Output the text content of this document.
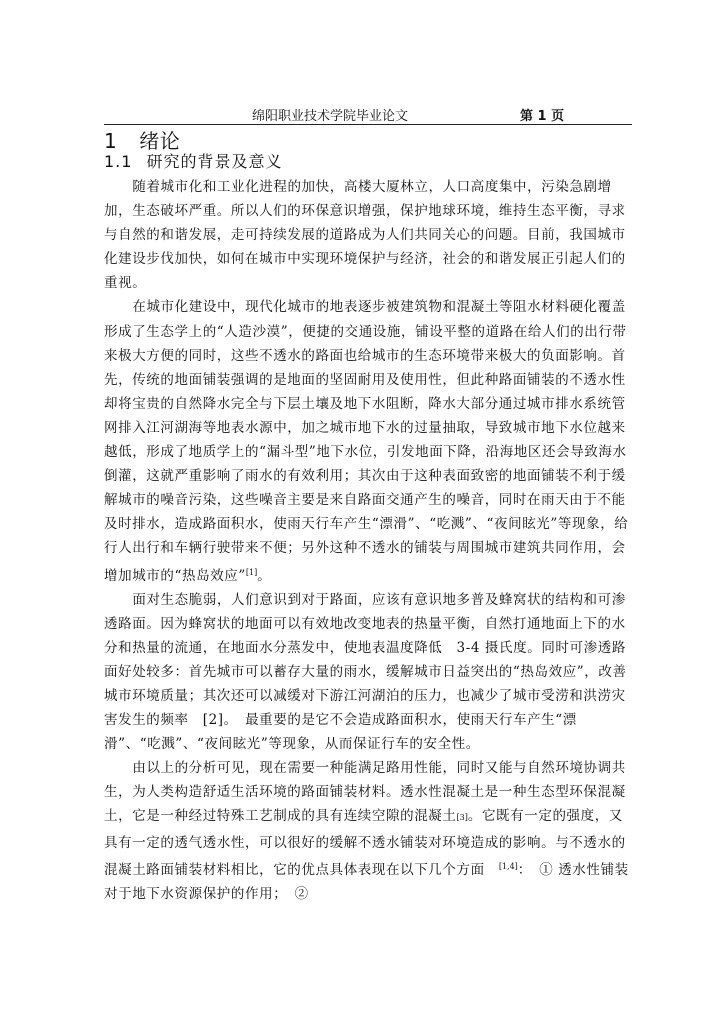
绵阳职业技术学院毕业论文	第 1 页
1 绪论
1.1 研究的背景及意义

随着城市化和工业化进程的加快，高楼大厦林立，人口高度集中，污染急剧增加，生态破坏严重。所以人们的环保意识增强，保护地球环境，维持生态平衡，寻求与自然的和谐发展，走可持续发展的道路成为人们共同关心的问题。目前，我国城市化建设步伐加快，如何在城市中实现环境保护与经济，社会的和谐发展正引起人们的重视。

在城市化建设中，现代化城市的地表逐步被建筑物和混凝土等阻水材料硬化覆盖形成了生态学上的“人造沙漠”，便捷的交通设施，铺设平整的道路在给人们的出行带来极大方便的同时，这些不透水的路面也给城市的生态环境带来极大的负面影响。首先，传统的地面铺装强调的是地面的坚固耐用及使用性，但此种路面铺装的不透水性却将宝贵的自然降水完全与下层土壤及地下水阻断，降水大部分通过城市排水系统管网排入江河湖海等地表水源中，加之城市地下水的过量抽取，导致城市地下水位越来越低，形成了地质学上的“漏斗型”地下水位，引发地面下降，沿海地区还会导致海水倒灌，这就严重影响了雨水的有效利用；其次由于这种表面致密的地面铺装不利于缓解城市的噪音污染，这些噪音主要是来自路面交通产生的噪音，同时在雨天由于不能及时排水，造成路面积水，使雨天行车产生“漂滑”、“吃溅”、“夜间眩光”等现象，给行人出行和车辆行驶带来不便；另外这种不透水的铺装与周围城市建筑共同作用，会增加城市的“热岛效应”[1]。

面对生态脆弱，人们意识到对于路面，应该有意识地多普及蜂窝状的结构和可渗透路面。因为蜂窝状的地面可以有效地改变地表的热量平衡，自然打通地面上下的水分和热量的流通，在地面水分蒸发中，使地表温度降低　3-4 摄氏度。同时可渗透路面好处较多：首先城市可以蓄存大量的雨水，缓解城市日益突出的“热岛效应”，改善城市环境质量；其次还可以减缓对下游江河湖泊的压力，也减少了城市受涝和洪涝灾害发生的频率　[2]。　最重要的是它不会造成路面积水，使雨天行车产生“漂滑”、“吃溅”、“夜间眩光”等现象，从而保证行车的安全性。

由以上的分析可见，现在需要一种能满足路用性能，同时又能与自然环境协调共生，为人类构造舒适生活环境的路面铺装材料。透水性混凝土是一种生态型环保混凝土，它是一种经过特殊工艺制成的具有连续空隙的混凝土[3]。它既有一定的强度，又具有一定的透气透水性，可以很好的缓解不透水铺装对环境造成的影响。与不透水的混凝土路面铺装材料相比，它的优点具体表现在以下几个方面　[1,4]：　① 透水性铺装对于地下水资源保护的作用；　②
